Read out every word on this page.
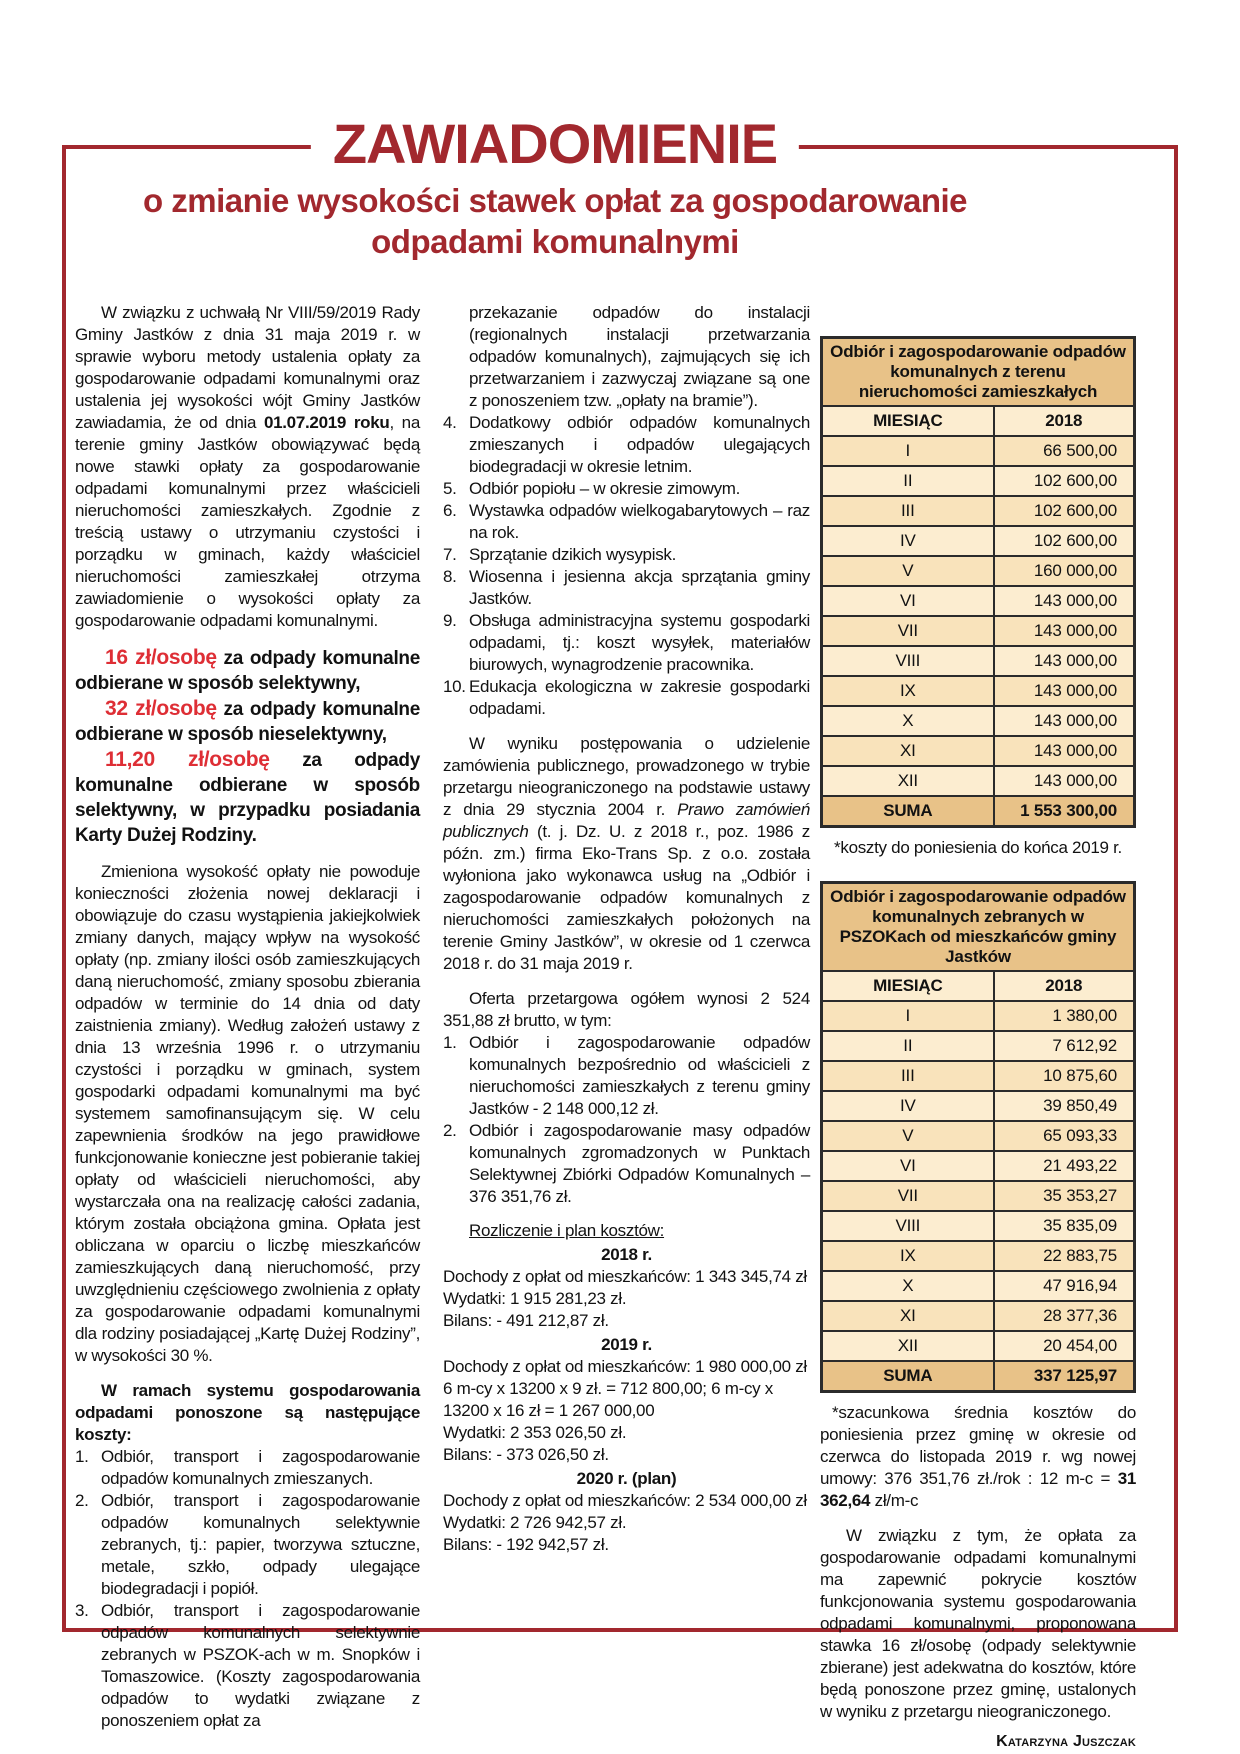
ZAWIADOMIENIE
o zmianie wysokości stawek opłat za gospodarowanie odpadami komunalnymi

W związku z uchwałą Nr VIII/59/2019 Rady Gminy Jastków z dnia 31 maja 2019 r. w sprawie wyboru metody ustalenia opłaty za gospodarowanie odpadami komunalnymi oraz ustalenia jej wysokości wójt Gminy Jastków zawiadamia, że od dnia 01.07.2019 roku, na terenie gminy Jastków obowiązywać będą nowe stawki opłaty za gospodarowanie odpadami komunalnymi przez właścicieli nieruchomości zamieszkałych. Zgodnie z treścią ustawy o utrzymaniu czystości i porządku w gminach, każdy właściciel nieruchomości zamieszkałej otrzyma zawiadomienie o wysokości opłaty za gospodarowanie odpadami komunalnymi.

16 zł/osobę za odpady komunalne odbierane w sposób selektywny,

32 zł/osobę za odpady komunalne odbierane w sposób nieselektywny,

11,20 zł/osobę za odpady komunalne odbierane w sposób selektywny, w przypadku posiadania Karty Dużej Rodziny.

Zmieniona wysokość opłaty nie powoduje konieczności złożenia nowej deklaracji i obowiązuje do czasu wystąpienia jakiejkolwiek zmiany danych, mający wpływ na wysokość opłaty (np. zmiany ilości osób zamieszkujących daną nieruchomość, zmiany sposobu zbierania odpadów w terminie do 14 dnia od daty zaistnienia zmiany). Według założeń ustawy z dnia 13 września 1996 r. o utrzymaniu czystości i porządku w gminach, system gospodarki odpadami komunalnymi ma być systemem samofinansującym się. W celu zapewnienia środków na jego prawidłowe funkcjonowanie konieczne jest pobieranie takiej opłaty od właścicieli nieruchomości, aby wystarczała ona na realizację całości zadania, którym została obciążona gmina. Opłata jest obliczana w oparciu o liczbę mieszkańców zamieszkujących daną nieruchomość, przy uwzględnieniu częściowego zwolnienia z opłaty za gospodarowanie odpadami komunalnymi dla rodziny posiadającej „Kartę Dużej Rodziny”, w wysokości 30 %.

W ramach systemu gospodarowania odpadami ponoszone są następujące koszty:

1. Odbiór, transport i zagospodarowanie odpadów komunalnych zmieszanych.
2. Odbiór, transport i zagospodarowanie odpadów komunalnych selektywnie zebranych, tj.: papier, tworzywa sztuczne, metale, szkło, odpady ulegające biodegradacji i popiół.
3. Odbiór, transport i zagospodarowanie odpadów komunalnych selektywnie zebranych w PSZOK-ach w m. Snopków i Tomaszowice. (Koszty zagospodarowania odpadów to wydatki związane z ponoszeniem opłat za

przekazanie odpadów do instalacji (regionalnych instalacji przetwarzania odpadów komunalnych), zajmujących się ich przetwarzaniem i zazwyczaj związane są one z ponoszeniem tzw. „opłaty na bramie”).

4. Dodatkowy odbiór odpadów komunalnych zmieszanych i odpadów ulegających biodegradacji w okresie letnim.
5. Odbiór popiołu – w okresie zimowym.
6. Wystawka odpadów wielkogabarytowych – raz na rok.
7. Sprzątanie dzikich wysypisk.
8. Wiosenna i jesienna akcja sprzątania gminy Jastków.
9. Obsługa administracyjna systemu gospodarki odpadami, tj.: koszt wysyłek, materiałów biurowych, wynagrodzenie pracownika.
10. Edukacja ekologiczna w zakresie gospodarki odpadami.

W wyniku postępowania o udzielenie zamówienia publicznego, prowadzonego w trybie przetargu nieograniczonego na podstawie ustawy z dnia 29 stycznia 2004 r. Prawo zamówień publicznych (t. j. Dz. U. z 2018 r., poz. 1986 z późn. zm.) firma Eko-Trans Sp. z o.o. została wyłoniona jako wykonawca usług na „Odbiór i zagospodarowanie odpadów komunalnych z nieruchomości zamieszkałych położonych na terenie Gminy Jastków”, w okresie od 1 czerwca 2018 r. do 31 maja 2019 r.

Oferta przetargowa ogółem wynosi 2 524 351,88 zł brutto, w tym:

1. Odbiór i zagospodarowanie odpadów komunalnych bezpośrednio od właścicieli z nieruchomości zamieszkałych z terenu gminy Jastków - 2 148 000,12 zł.
2. Odbiór i zagospodarowanie masy odpadów komunalnych zgromadzonych w Punktach Selektywnej Zbiórki Odpadów Komunalnych – 376 351,76 zł.

Rozliczenie i plan kosztów:

2018 r.
Dochody z opłat od mieszkańców: 1 343 345,74 zł
Wydatki: 1 915 281,23 zł.
Bilans: - 491 212,87 zł.
2019 r.
Dochody z opłat od mieszkańców: 1 980 000,00 zł
6 m-cy x 13200 x 9 zł. = 712 800,00; 6 m-cy x 13200 x 16 zł = 1 267 000,00
Wydatki: 2 353 026,50 zł.
Bilans: - 373 026,50 zł.
2020 r. (plan)
Dochody z opłat od mieszkańców: 2 534 000,00 zł
Wydatki: 2 726 942,57 zł.
Bilans: - 192 942,57 zł.
Odbiór i zagospodarowanie odpadów komunalnych z terenu nieruchomości zamieszkałych	
MIESIĄC	2018
I	66 500,00
II	102 600,00
III	102 600,00
IV	102 600,00
V	160 000,00
VI	143 000,00
VII	143 000,00
VIII	143 000,00
IX	143 000,00
X	143 000,00
XI	143 000,00
XII	143 000,00
SUMA	1 553 300,00

*koszty do poniesienia do końca 2019 r.

Odbiór i zagospodarowanie odpadów komunalnych zebranych w PSZOKach od mieszkańców gminy Jastków	
MIESIĄC	2018
I	1 380,00
II	7 612,92
III	10 875,60
IV	39 850,49
V	65 093,33
VI	21 493,22
VII	35 353,27
VIII	35 835,09
IX	22 883,75
X	47 916,94
XI	28 377,36
XII	20 454,00
SUMA	337 125,97

*szacunkowa średnia kosztów do poniesienia przez gminę w okresie od czerwca do listopada 2019 r. wg nowej umowy: 376 351,76 zł./rok : 12 m-c = 31 362,64 zł/m-c

W związku z tym, że opłata za gospodarowanie odpadami komunalnymi ma zapewnić pokrycie kosztów funkcjonowania systemu gospodarowania odpadami komunalnymi, proponowana stawka 16 zł/osobę (odpady selektywnie zbierane) jest adekwatna do kosztów, które będą ponoszone przez gminę, ustalonych w wyniku z przetargu nieograniczonego.

Katarzyna Juszczak
